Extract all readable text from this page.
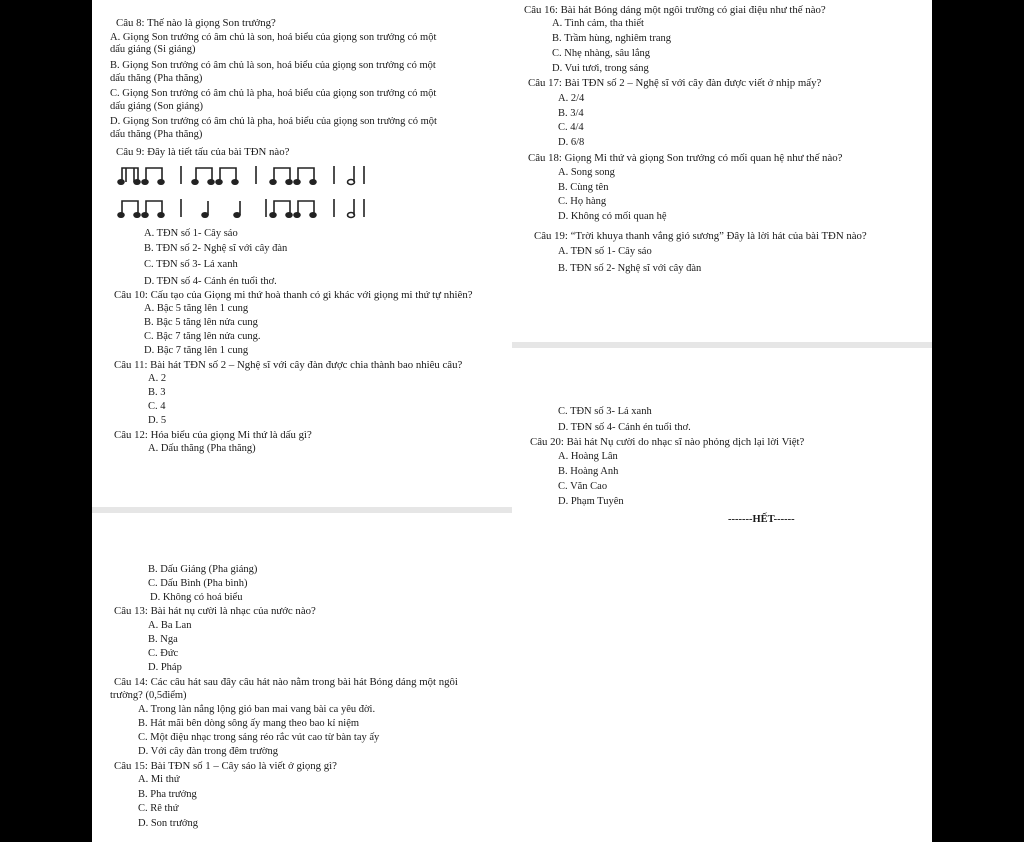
Câu 8: Thế nào là giọng Son trưởng?
A. Giọng Son trưởng có âm chủ là son, hoá biểu của giọng son trưởng có một
dấu giáng (Si giáng)
B. Giọng Son trưởng có âm chủ là son, hoá biểu của giọng son trưởng có một
dấu thăng (Pha thăng)
C. Giọng Son trưởng có âm chủ là pha, hoá biểu của giọng son trưởng có một
dấu giáng (Son giáng)
D. Giọng Son trưởng có âm chủ là pha, hoá biểu của giọng son trưởng có một
dấu thăng (Pha thăng)
Câu 9: Đây là tiết tấu của bài TĐN nào?
A. TĐN số 1- Cây sáo
B. TĐN số 2- Nghệ sĩ với cây đàn
C. TĐN số 3- Lá xanh
D. TĐN số 4- Cánh én tuổi thơ.
Câu 10: Cấu tạo của Giọng mi thứ hoà thanh có gì khác với giọng mi thứ tự nhiên?
A. Bậc 5 tăng lên 1 cung
B. Bậc 5 tăng lên nửa cung
C. Bậc 7 tăng lên nửa cung.
D. Bậc 7 tăng lên 1 cung
Câu 11: Bài hát TĐN số 2 – Nghệ sĩ với cây đàn được chia thành bao nhiêu câu?
A. 2
B. 3
C. 4
D. 5
Câu 12: Hóa biểu của giọng Mi thứ là dấu gì?
A. Dấu thăng (Pha thăng)
Câu 16: Bài hát Bóng dáng một ngôi trường có giai điệu như thế nào?
A. Tình cảm, tha thiết
B. Trầm hùng, nghiêm trang
C. Nhẹ nhàng, sâu lắng
D. Vui tươi, trong sáng
Câu 17: Bài TĐN số 2 – Nghệ sĩ với cây đàn được viết ở nhịp mấy?
A. 2/4
B. 3/4
C. 4/4
D. 6/8
Câu 18: Giọng Mi thứ và giọng Son trưởng có mối quan hệ như thế nào?
A. Song song
B. Cùng tên
C. Họ hàng
D. Không có mối quan hệ
Câu 19: “Trời khuya thanh vắng gió sương” Đây là lời hát của bài TĐN nào?
A. TĐN số 1- Cây sáo
B. TĐN số 2- Nghệ sĩ với cây đàn
C. TĐN số 3- Lá xanh
D. TĐN số 4- Cánh én tuổi thơ.
Câu 20: Bài hát Nụ cười do nhạc sĩ nào phỏng dịch lại lời Việt?
A. Hoàng Lân
B. Hoàng Anh
C. Văn Cao
D. Phạm Tuyên
-------HẾT------
B. Dấu Giáng (Pha giáng)
C. Dấu Bình (Pha bình)
D. Không có hoá biểu
Câu 13: Bài hát nụ cười là nhạc của nước nào?
A. Ba Lan
B. Nga
C. Đức
D. Pháp
Câu 14: Các câu hát sau đây câu hát nào nằm trong bài hát Bóng dáng một ngôi
trường? (0,5điểm)
A. Trong làn nắng lộng gió ban mai vang bài ca yêu đời.
B. Hát mãi bên dòng sông ấy mang theo bao kỉ niệm
C. Một điệu nhạc trong sáng réo rắc vút cao từ bàn tay ấy
D. Với cây đàn trong đêm trường
Câu 15: Bài TĐN số 1 – Cây sáo là viết ở giọng gì?
A. Mi thứ
B. Pha trưởng
C. Rê thứ
D. Son trưởng
